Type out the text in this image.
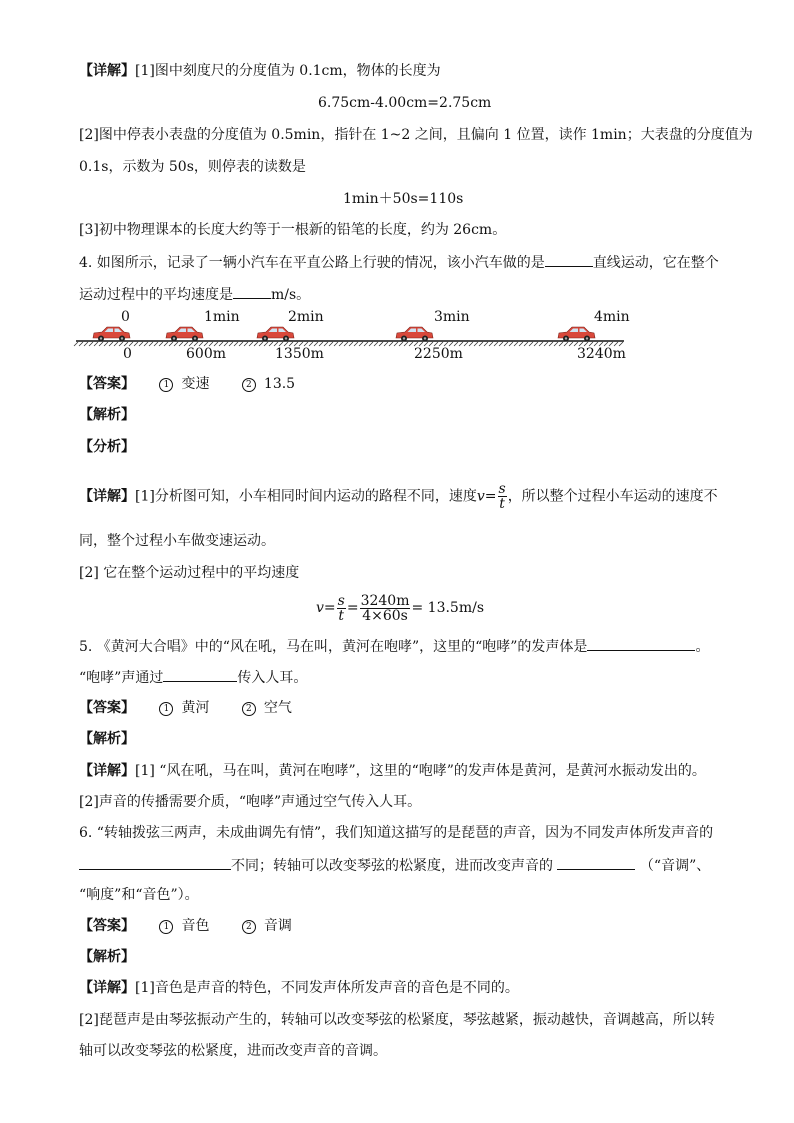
【详解】[1]图中刻度尺的分度值为 0.1cm，物体的长度为
6.75cm-4.00cm=2.75cm
[2]图中停表小表盘的分度值为 0.5min，指针在 1~2 之间，且偏向 1 位置，读作 1min；大表盘的分度值为
0.1s，示数为 50s，则停表的读数是
1min＋50s=110s
[3]初中物理课本的长度大约等于一根新的铅笔的长度，约为 26cm。
4. 如图所示，记录了一辆小汽车在平直公路上行驶的情况，该小汽车做的是	直线运动，它在整个
运动过程中的平均速度是	m/s。
0	1min	2min	3min	4min
0	600m	1350m	2250m	3240m
【答案】	1 变速	2 13.5
【解析】
【分析】
【详解】[1]分析图可知，小车相同时间内运动的路程不同，速度$v= \frac{s}{t}$ ，所以整个过程小车运动的速度不
同，整个过程小车做变速运动。
[2] 它在整个运动过程中的平均速度
$v= \frac{s}{t} = \frac{3240m}{4\times 60s} = 13.5m/s$
5. 《黄河大合唱》中的“风在吼，马在叫，黄河在咆哮”，这里的“咆哮”的发声体是	。
“咆哮”声通过	传入人耳。
【答案】	1 黄河	2 空气
【解析】
【详解】[1] “风在吼，马在叫，黄河在咆哮”，这里的“咆哮”的发声体是黄河，是黄河水振动发出的。
[2]声音的传播需要介质，“咆哮”声通过空气传入人耳。
6. “转轴拨弦三两声，未成曲调先有情”，我们知道这描写的是琵琶的声音，因为不同发声体所发声音的
不同；转轴可以改变琴弦的松紧度，进而改变声音的	（“音调”、
“响度”和“音色”）。
【答案】	1 音色	2 音调
【解析】
【详解】[1]音色是声音的特色，不同发声体所发声音的音色是不同的。
[2]琵琶声是由琴弦振动产生的，转轴可以改变琴弦的松紧度，琴弦越紧，振动越快，音调越高，所以转
轴可以改变琴弦的松紧度，进而改变声音的音调。
